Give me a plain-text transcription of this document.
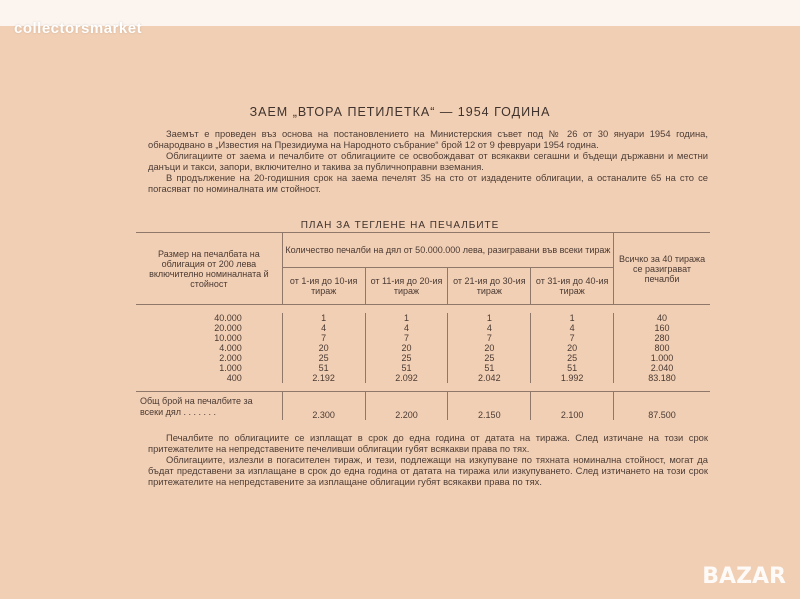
collectorsmarket
ЗАЕМ „ВТОРА ПЕТИЛЕТКА“ — 1954 ГОДИНА

Заемът е проведен въз основа на постановлението на Министерския съвет под № 26 от 30 януари 1954 година, обнародвано в „Известия на Президиума на Народното събрание“ брой 12 от 9 февруари 1954 година.

Облигациите от заема и печалбите от облигациите се освобождават от всякакви сегашни и бъдещи държавни и местни данъци и такси, запори, включително и такива за публичноправни вземания.

В продължение на 20-годишния срок на заема печелят 35 на сто от издадените облигации, а останалите 65 на сто се погасяват по номиналната им стойност.

ПЛАН ЗА ТЕГЛЕНЕ НА ПЕЧАЛБИТЕ
Размер на печалбата на облигация от 200 лева включително номиналната й стойност	Количество печалби на дял от 50.000.000 лева, разигравани във всеки тираж				Всичко за 40 тиража се разиграват печалби
	от 1-ия до 10-ия тираж	от 11-ия до 20-ия тираж	от 21-ия до 30-ия тираж	от 31-ия до 40-ия тираж	

40.000	1	1	1	1	40
20.000	4	4	4	4	160
10.000	7	7	7	7	280
4.000	20	20	20	20	800
2.000	25	25	25	25	1.000
1.000	51	51	51	51	2.040
400	2.192	2.092	2.042	1.992	83.180

Общ брой на печалбите за всеки дял . . . . . . .	2.300	2.200	2.150	2.100	87.500

Печалбите по облигациите се изплащат в срок до една година от датата на тиража. След изтичане на този срок притежателите на непредставените печеливши облигации губят всякакви права по тях.

Облигациите, излезли в погасителен тираж, и тези, подлежащи на изкупуване по тяхната номинална стойност, могат да бъдат представени за изплащане в срок до една година от датата на тиража или изкупуването. След изтичането на този срок притежателите на непредставените за изплащане облигации губят всякакви права по тях.

BAZAR
